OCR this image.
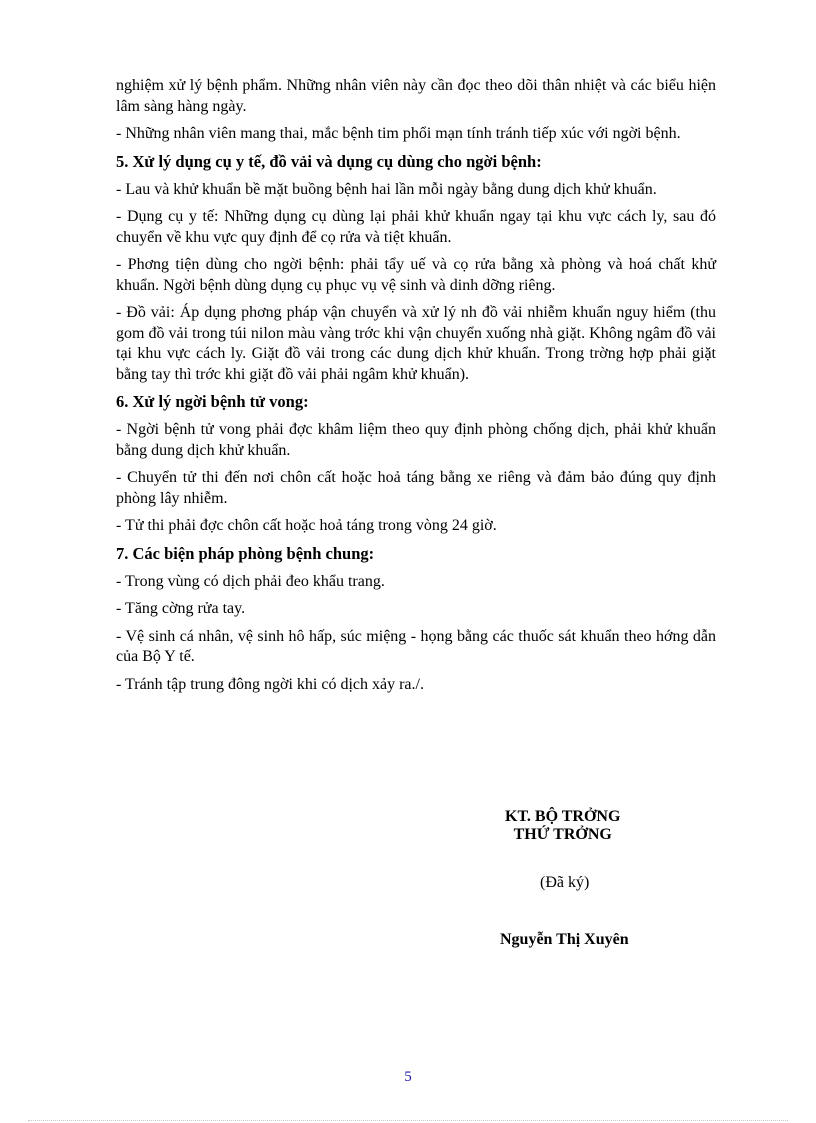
nghiệm xử lý bệnh phẩm. Những nhân viên này cần đọc theo dõi thân nhiệt và các biểu hiện lâm sàng hàng ngày.

- Những nhân viên mang thai, mắc bệnh tim phổi mạn tính tránh tiếp xúc với ngời bệnh.

5. Xử lý dụng cụ y tế, đồ vải và dụng cụ dùng cho ngời bệnh:

- Lau và khử khuẩn bề mặt buồng bệnh hai lần mỗi ngày bằng dung dịch khử khuẩn.

- Dụng cụ y tế: Những dụng cụ dùng lại phải khử khuẩn ngay tại khu vực cách ly, sau đó chuyển về khu vực quy định để cọ rửa và tiệt khuẩn.

- Phơng tiện dùng cho ngời bệnh: phải tẩy uế và cọ rửa bằng xà phòng và hoá chất khử khuẩn. Ngời bệnh dùng dụng cụ phục vụ vệ sinh và dinh dỡng riêng.

- Đồ vải: Áp dụng phơng pháp vận chuyển và xử lý nh đồ vải nhiễm khuẩn nguy hiểm (thu gom đồ vải trong túi nilon màu vàng trớc khi vận chuyển xuống nhà giặt. Không ngâm đồ vải tại khu vực cách ly. Giặt đồ vải trong các dung dịch khử khuẩn. Trong trờng hợp phải giặt bằng tay thì trớc khi giặt đồ vải phải ngâm khử khuẩn).

6. Xử lý ngời bệnh tử vong:

- Ngời bệnh tử vong phải đợc khâm liệm theo quy định phòng chống dịch, phải khử khuẩn bằng dung dịch khử khuẩn.

- Chuyển tử thi đến nơi chôn cất hoặc hoả táng bằng xe riêng và đảm bảo đúng quy định phòng lây nhiễm.

- Tử thi phải đợc chôn cất hoặc hoả táng trong vòng 24 giờ.

7. Các biện pháp phòng bệnh chung:

- Trong vùng có dịch phải đeo khẩu trang.

- Tăng cờng rửa tay.

- Vệ sinh cá nhân, vệ sinh hô hấp, súc miệng - họng bằng các thuốc sát khuẩn theo hớng dẫn của Bộ Y tế.

- Tránh tập trung đông ngời khi có dịch xảy ra./.

KT. BỘ TRỞNG
THỨ TRỞNG
(Đã ký)
Nguyễn Thị Xuyên
5
